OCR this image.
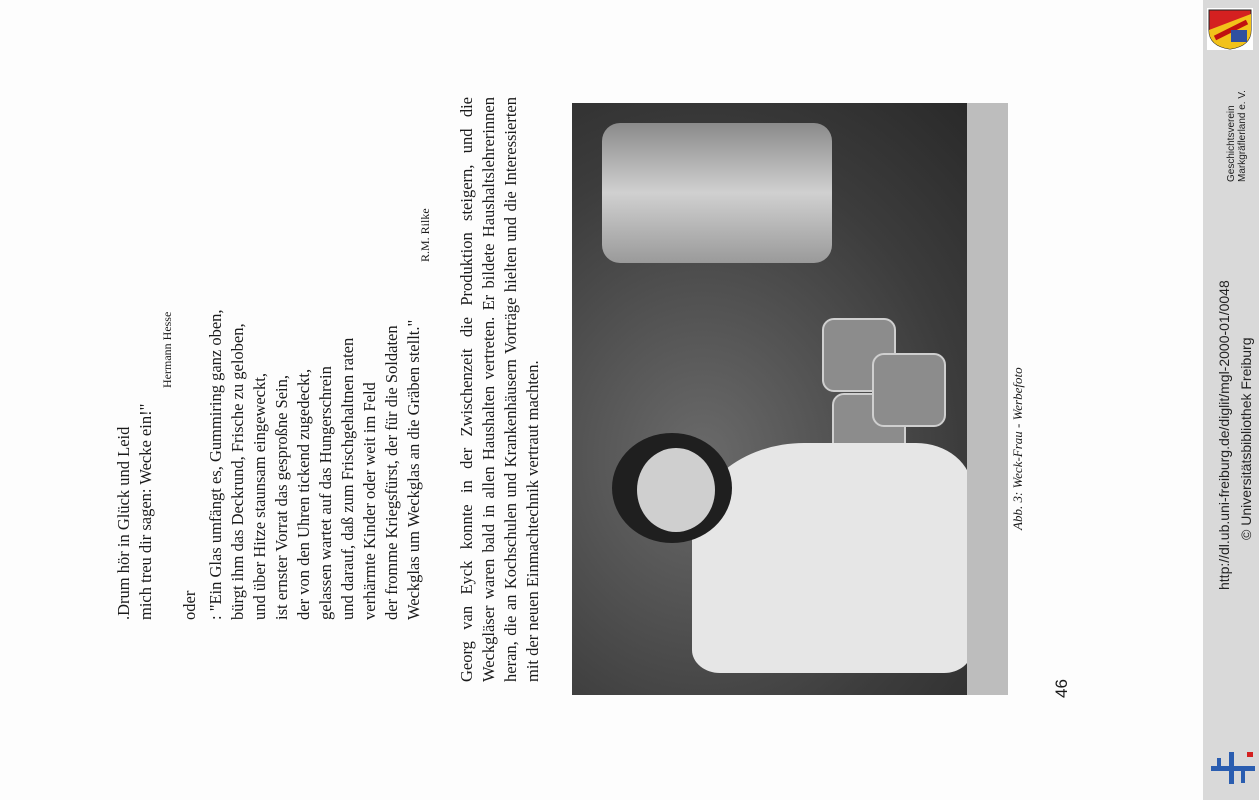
.Drum hör in Glück und Leid mich treu dir sagen: Wecke ein!"
Hermann Hesse
oder : "Ein Glas umfängt es, Gummiring ganz oben, bürgt ihm das Deckrund, Frische zu geloben, und über Hitze staunsam eingeweckt, ist ernster Vorrat das gesproßne Sein, der von den Uhren tickend zugedeckt, gelassen wartet auf das Hungerschrein und darauf, daß zum Frischgehaltnen raten verhärmte Kinder oder weit im Feld der fromme Kriegsfürst, der für die Soldaten Weckglas um Weckglas an die Gräben stellt."
R.M. Rilke Georg van Eyck konnte in der Zwischenzeit die Produktion steigern, und die Weckgläser waren bald in allen Haushalten vertreten. Er bildete Haushaltslehrerinnen heran, die an Kochschulen und Krankenhäusern Vorträge hielten und die Interessierten mit der neuen Einmachtechnik vertraut machten.	Abb. 3: Weck-Frau - Werbefoto
46
Geschichtsverein Markgräflerland e. V.
http://dl.ub.uni-freiburg.de/diglit/mgl-2000-01/0048 © Universitätsbibliothek Freiburg
